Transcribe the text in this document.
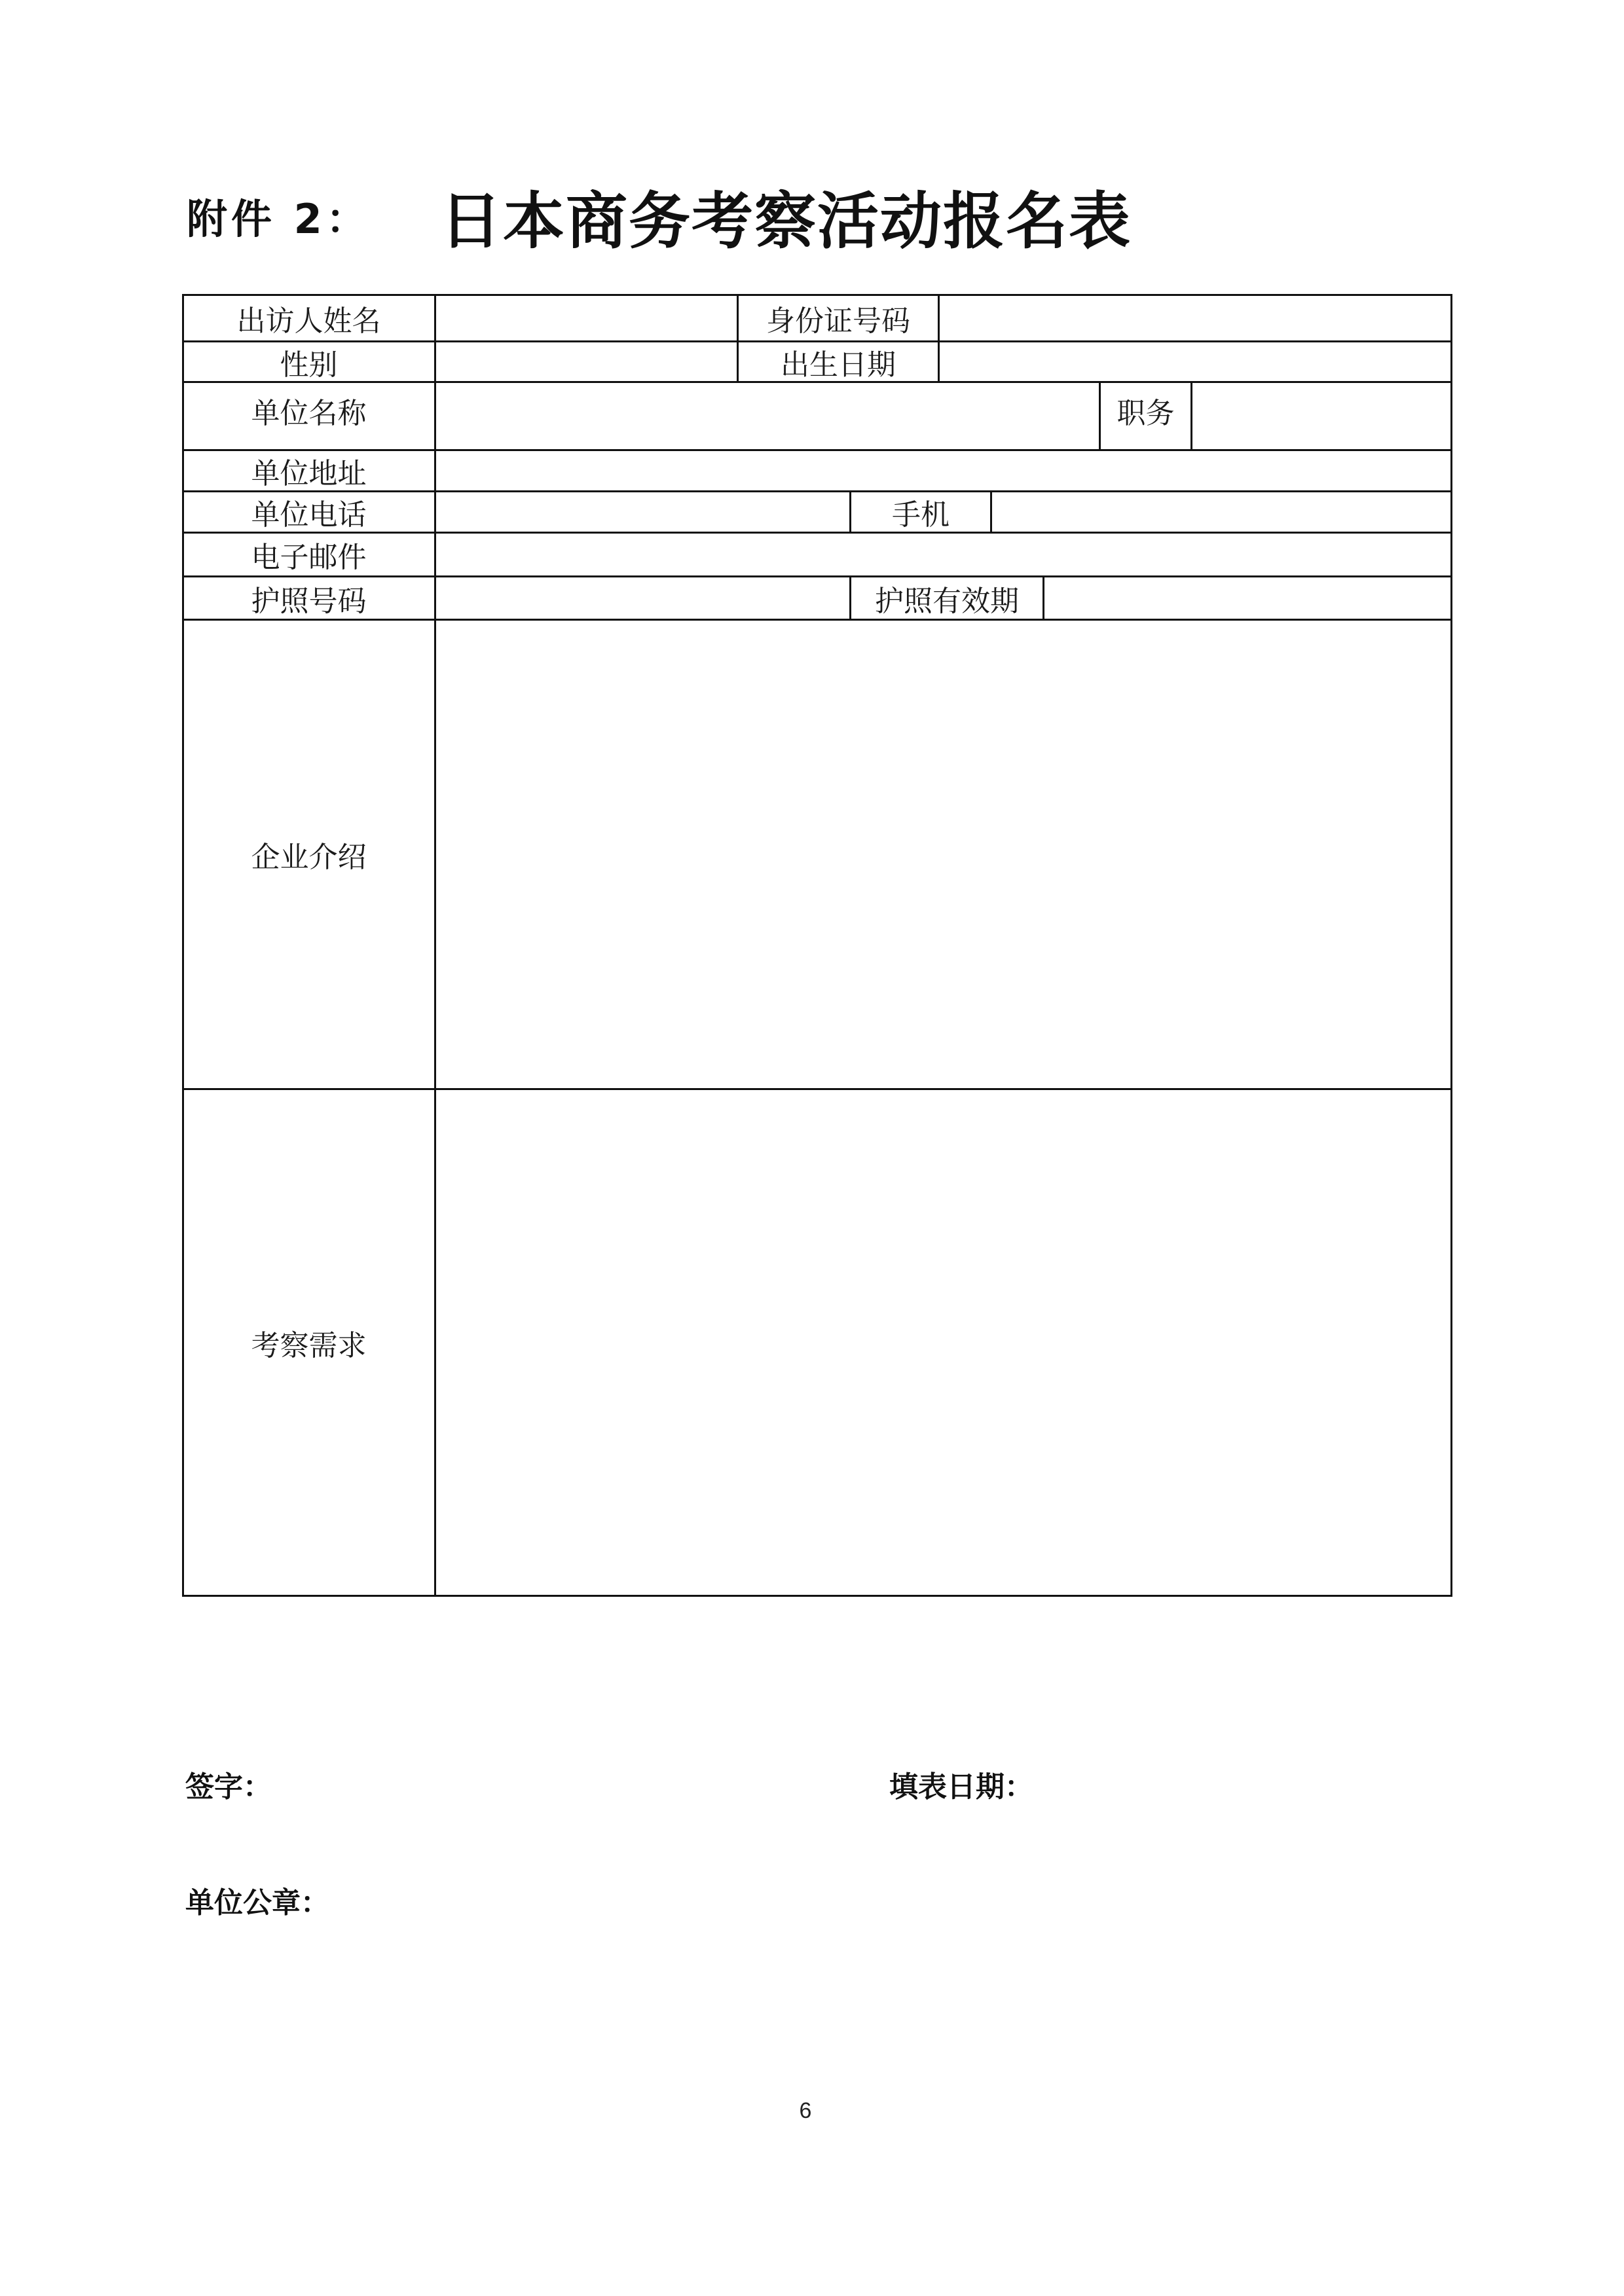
附件 2： 日本商务考察活动报名表
出访人姓名	身份证号码
性别	出生日期
单位名称	职务
单位地址
单位电话	手机
电子邮件
护照号码	护照有效期
企业介绍
考察需求
签字：	填表日期：
单位公章：
6
